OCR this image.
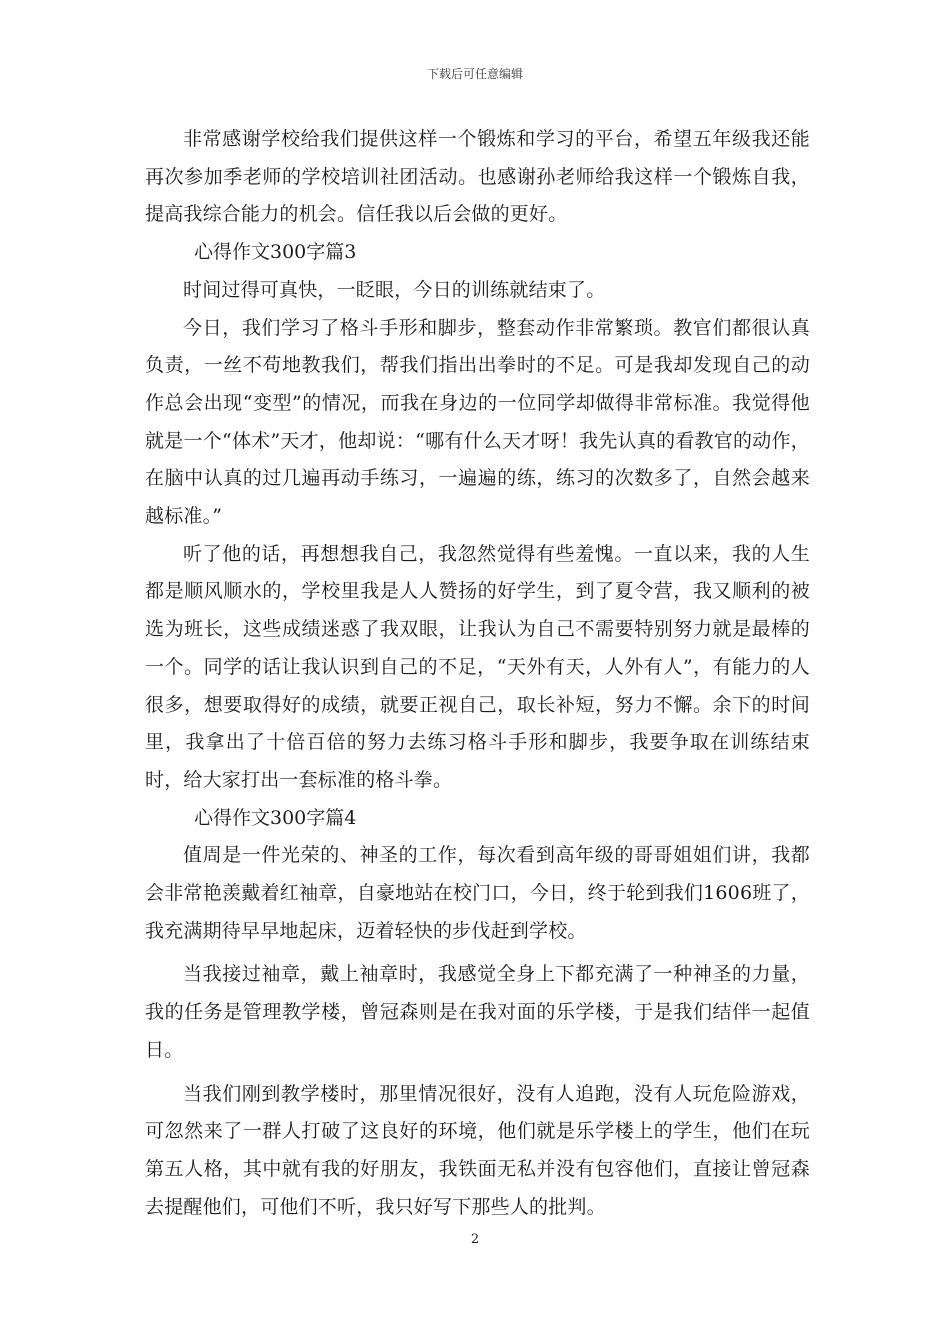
下载后可任意编辑

非常感谢学校给我们提供这样一个锻炼和学习的平台，希望五年级我还能再次参加季老师的学校培训社团活动。也感谢孙老师给我这样一个锻炼自我，提高我综合能力的机会。信任我以后会做的更好。

心得作文300字篇3

时间过得可真快，一眨眼，今日的训练就结束了。

今日，我们学习了格斗手形和脚步，整套动作非常繁琐。教官们都很认真负责，一丝不苟地教我们，帮我们指出出拳时的不足。可是我却发现自己的动作总会出现“变型”的情况，而我在身边的一位同学却做得非常标准。我觉得他就是一个“体术”天才，他却说：“哪有什么天才呀！我先认真的看教官的动作，在脑中认真的过几遍再动手练习，一遍遍的练，练习的次数多了，自然会越来越标准。”

听了他的话，再想想我自己，我忽然觉得有些羞愧。一直以来，我的人生都是顺风顺水的，学校里我是人人赞扬的好学生，到了夏令营，我又顺利的被选为班长，这些成绩迷惑了我双眼，让我认为自己不需要特别努力就是最棒的一个。同学的话让我认识到自己的不足，“天外有天，人外有人”，有能力的人很多，想要取得好的成绩，就要正视自己，取长补短，努力不懈。余下的时间里，我拿出了十倍百倍的努力去练习格斗手形和脚步，我要争取在训练结束时，给大家打出一套标准的格斗拳。

心得作文300字篇4

值周是一件光荣的、神圣的工作，每次看到高年级的哥哥姐姐们讲，我都会非常艳羡戴着红袖章，自豪地站在校门口，今日，终于轮到我们1606班了，我充满期待早早地起床，迈着轻快的步伐赶到学校。

当我接过袖章，戴上袖章时，我感觉全身上下都充满了一种神圣的力量，我的任务是管理教学楼，曾冠森则是在我对面的乐学楼，于是我们结伴一起值日。

当我们刚到教学楼时，那里情况很好，没有人追跑，没有人玩危险游戏，可忽然来了一群人打破了这良好的环境，他们就是乐学楼上的学生，他们在玩第五人格，其中就有我的好朋友，我铁面无私并没有包容他们，直接让曾冠森去提醒他们，可他们不听，我只好写下那些人的批判。

2
